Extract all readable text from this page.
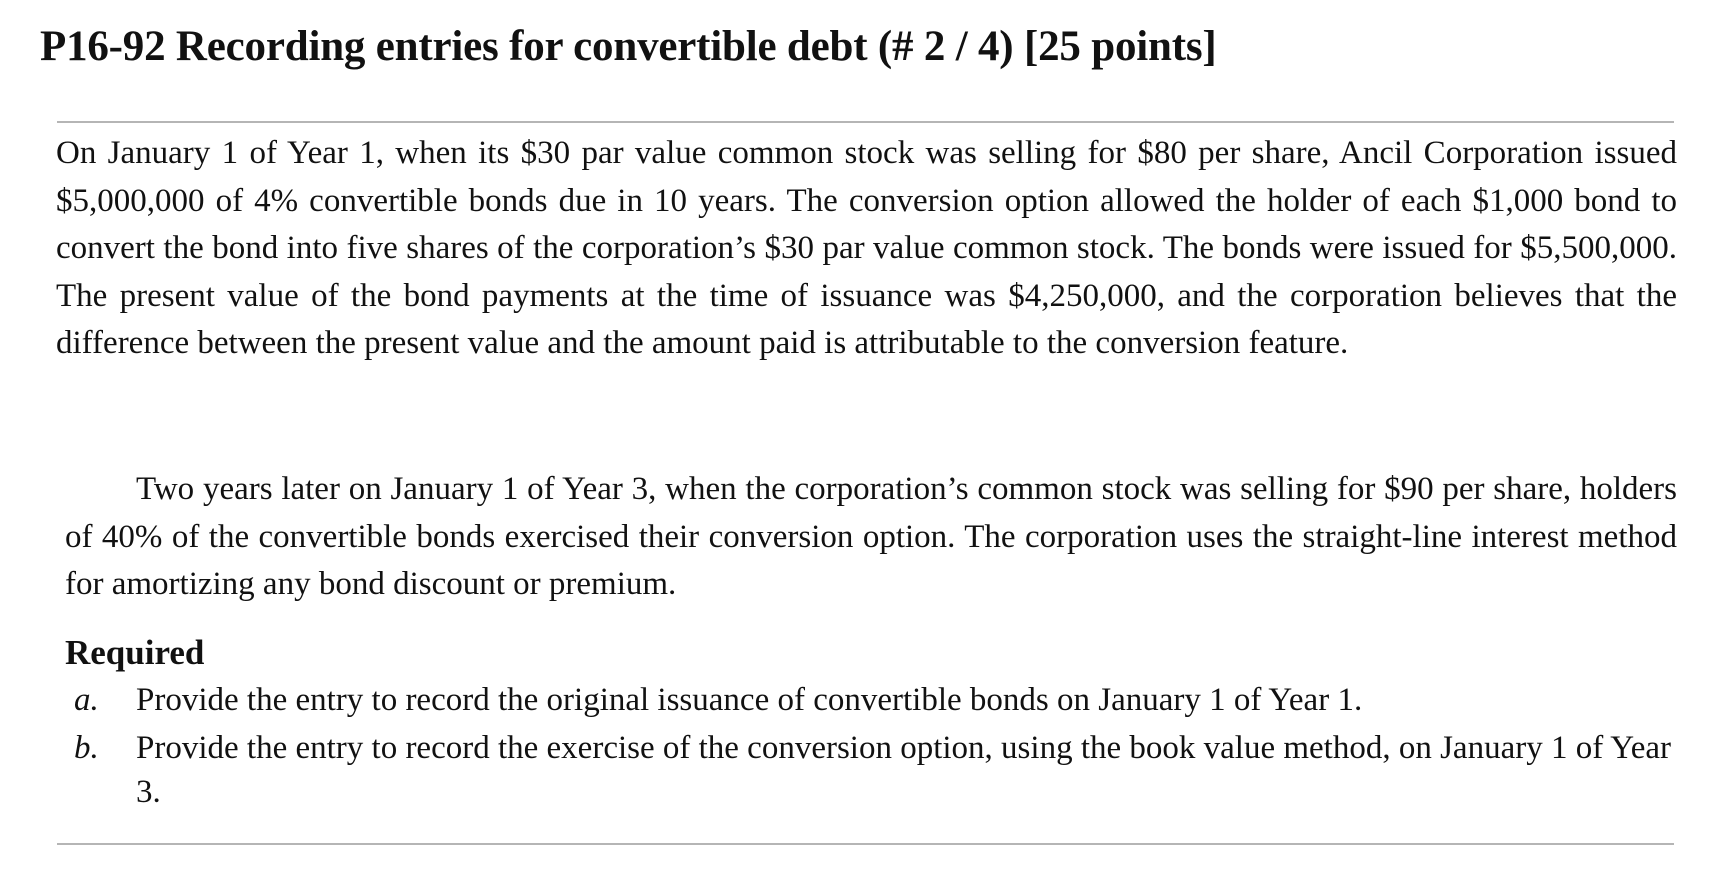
P16-92 Recording entries for convertible debt (# 2 / 4) [25 points]
On January 1 of Year 1, when its $30 par value common stock was selling for $80 per share, Ancil Corporation issued $5,000,000 of 4% convertible bonds due in 10 years. The conversion option allowed the holder of each $1,000 bond to convert the bond into five shares of the corporation’s $30 par value common stock. The bonds were issued for $5,500,000. The present value of the bond payments at the time of issuance was $4,250,000, and the corporation believes that the difference between the present value and the amount paid is attributable to the conversion feature.
Two years later on January 1 of Year 3, when the corporation’s common stock was selling for $90 per share, holders of 40% of the convertible bonds exercised their conversion option. The corporation uses the straight-line interest method for amortizing any bond discount or premium.
Required
a. Provide the entry to record the original issuance of convertible bonds on January 1 of Year 1.
b. Provide the entry to record the exercise of the conversion option, using the book value method, on January 1 of Year 3.
